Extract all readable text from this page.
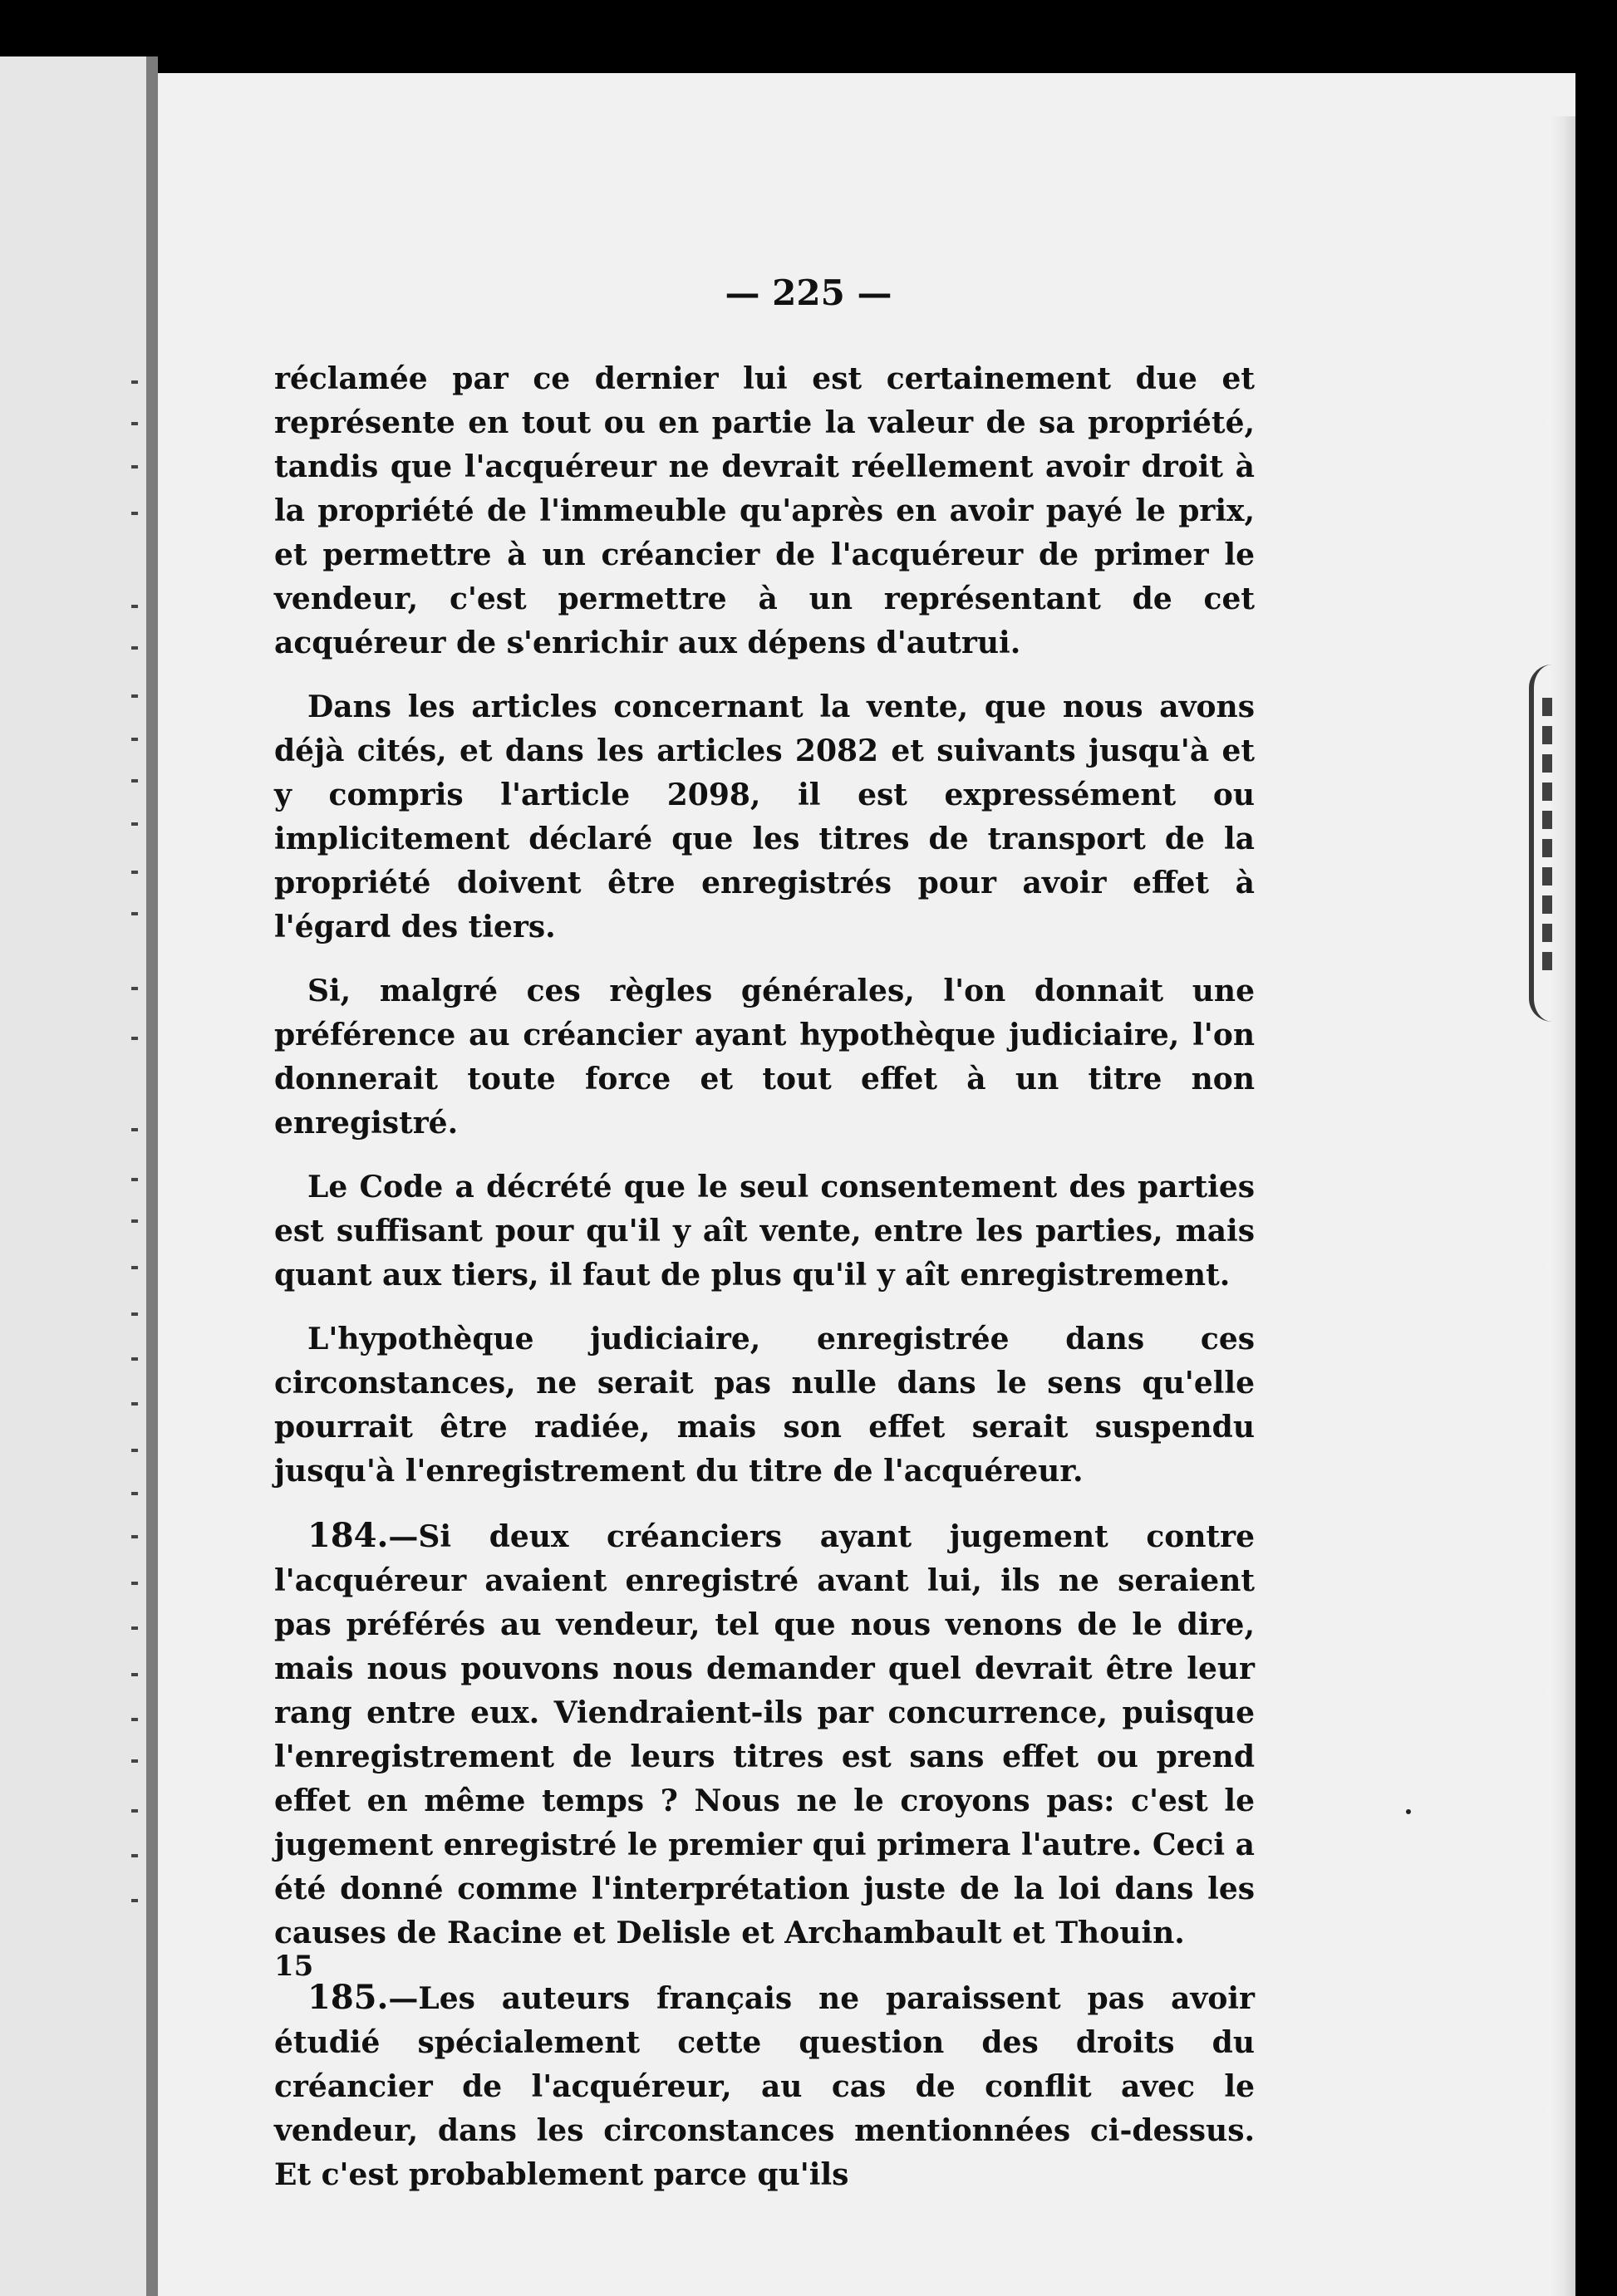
— 225 —

réclamée par ce dernier lui est certainement due et représente en tout ou en partie la valeur de sa propriété, tandis que l'acquéreur ne devrait réellement avoir droit à la propriété de l'immeuble qu'après en avoir payé le prix, et permettre à un créancier de l'acquéreur de primer le vendeur, c'est permettre à un représentant de cet acquéreur de s'enrichir aux dépens d'autrui.

Dans les articles concernant la vente, que nous avons déjà cités, et dans les articles 2082 et suivants jusqu'à et y compris l'article 2098, il est expressément ou implicitement déclaré que les titres de transport de la propriété doivent être enregistrés pour avoir effet à l'égard des tiers.

Si, malgré ces règles générales, l'on donnait une préférence au créancier ayant hypothèque judiciaire, l'on donnerait toute force et tout effet à un titre non enregistré.

Le Code a décrété que le seul consentement des parties est suffisant pour qu'il y aît vente, entre les parties, mais quant aux tiers, il faut de plus qu'il y aît enregistrement.

L'hypothèque judiciaire, enregistrée dans ces circonstances, ne serait pas nulle dans le sens qu'elle pourrait être radiée, mais son effet serait suspendu jusqu'à l'enregistrement du titre de l'acquéreur.

184.—Si deux créanciers ayant jugement contre l'acquéreur avaient enregistré avant lui, ils ne seraient pas préférés au vendeur, tel que nous venons de le dire, mais nous pouvons nous demander quel devrait être leur rang entre eux. Viendraient-ils par concurrence, puisque l'enregistrement de leurs titres est sans effet ou prend effet en même temps ? Nous ne le croyons pas: c'est le jugement enregistré le premier qui primera l'autre. Ceci a été donné comme l'interprétation juste de la loi dans les causes de Racine et Delisle et Archambault et Thouin.

185.—Les auteurs français ne paraissent pas avoir étudié spécialement cette question des droits du créancier de l'acquéreur, au cas de conflit avec le vendeur, dans les circonstances mentionnées ci-dessus. Et c'est probablement parce qu'ils

15
